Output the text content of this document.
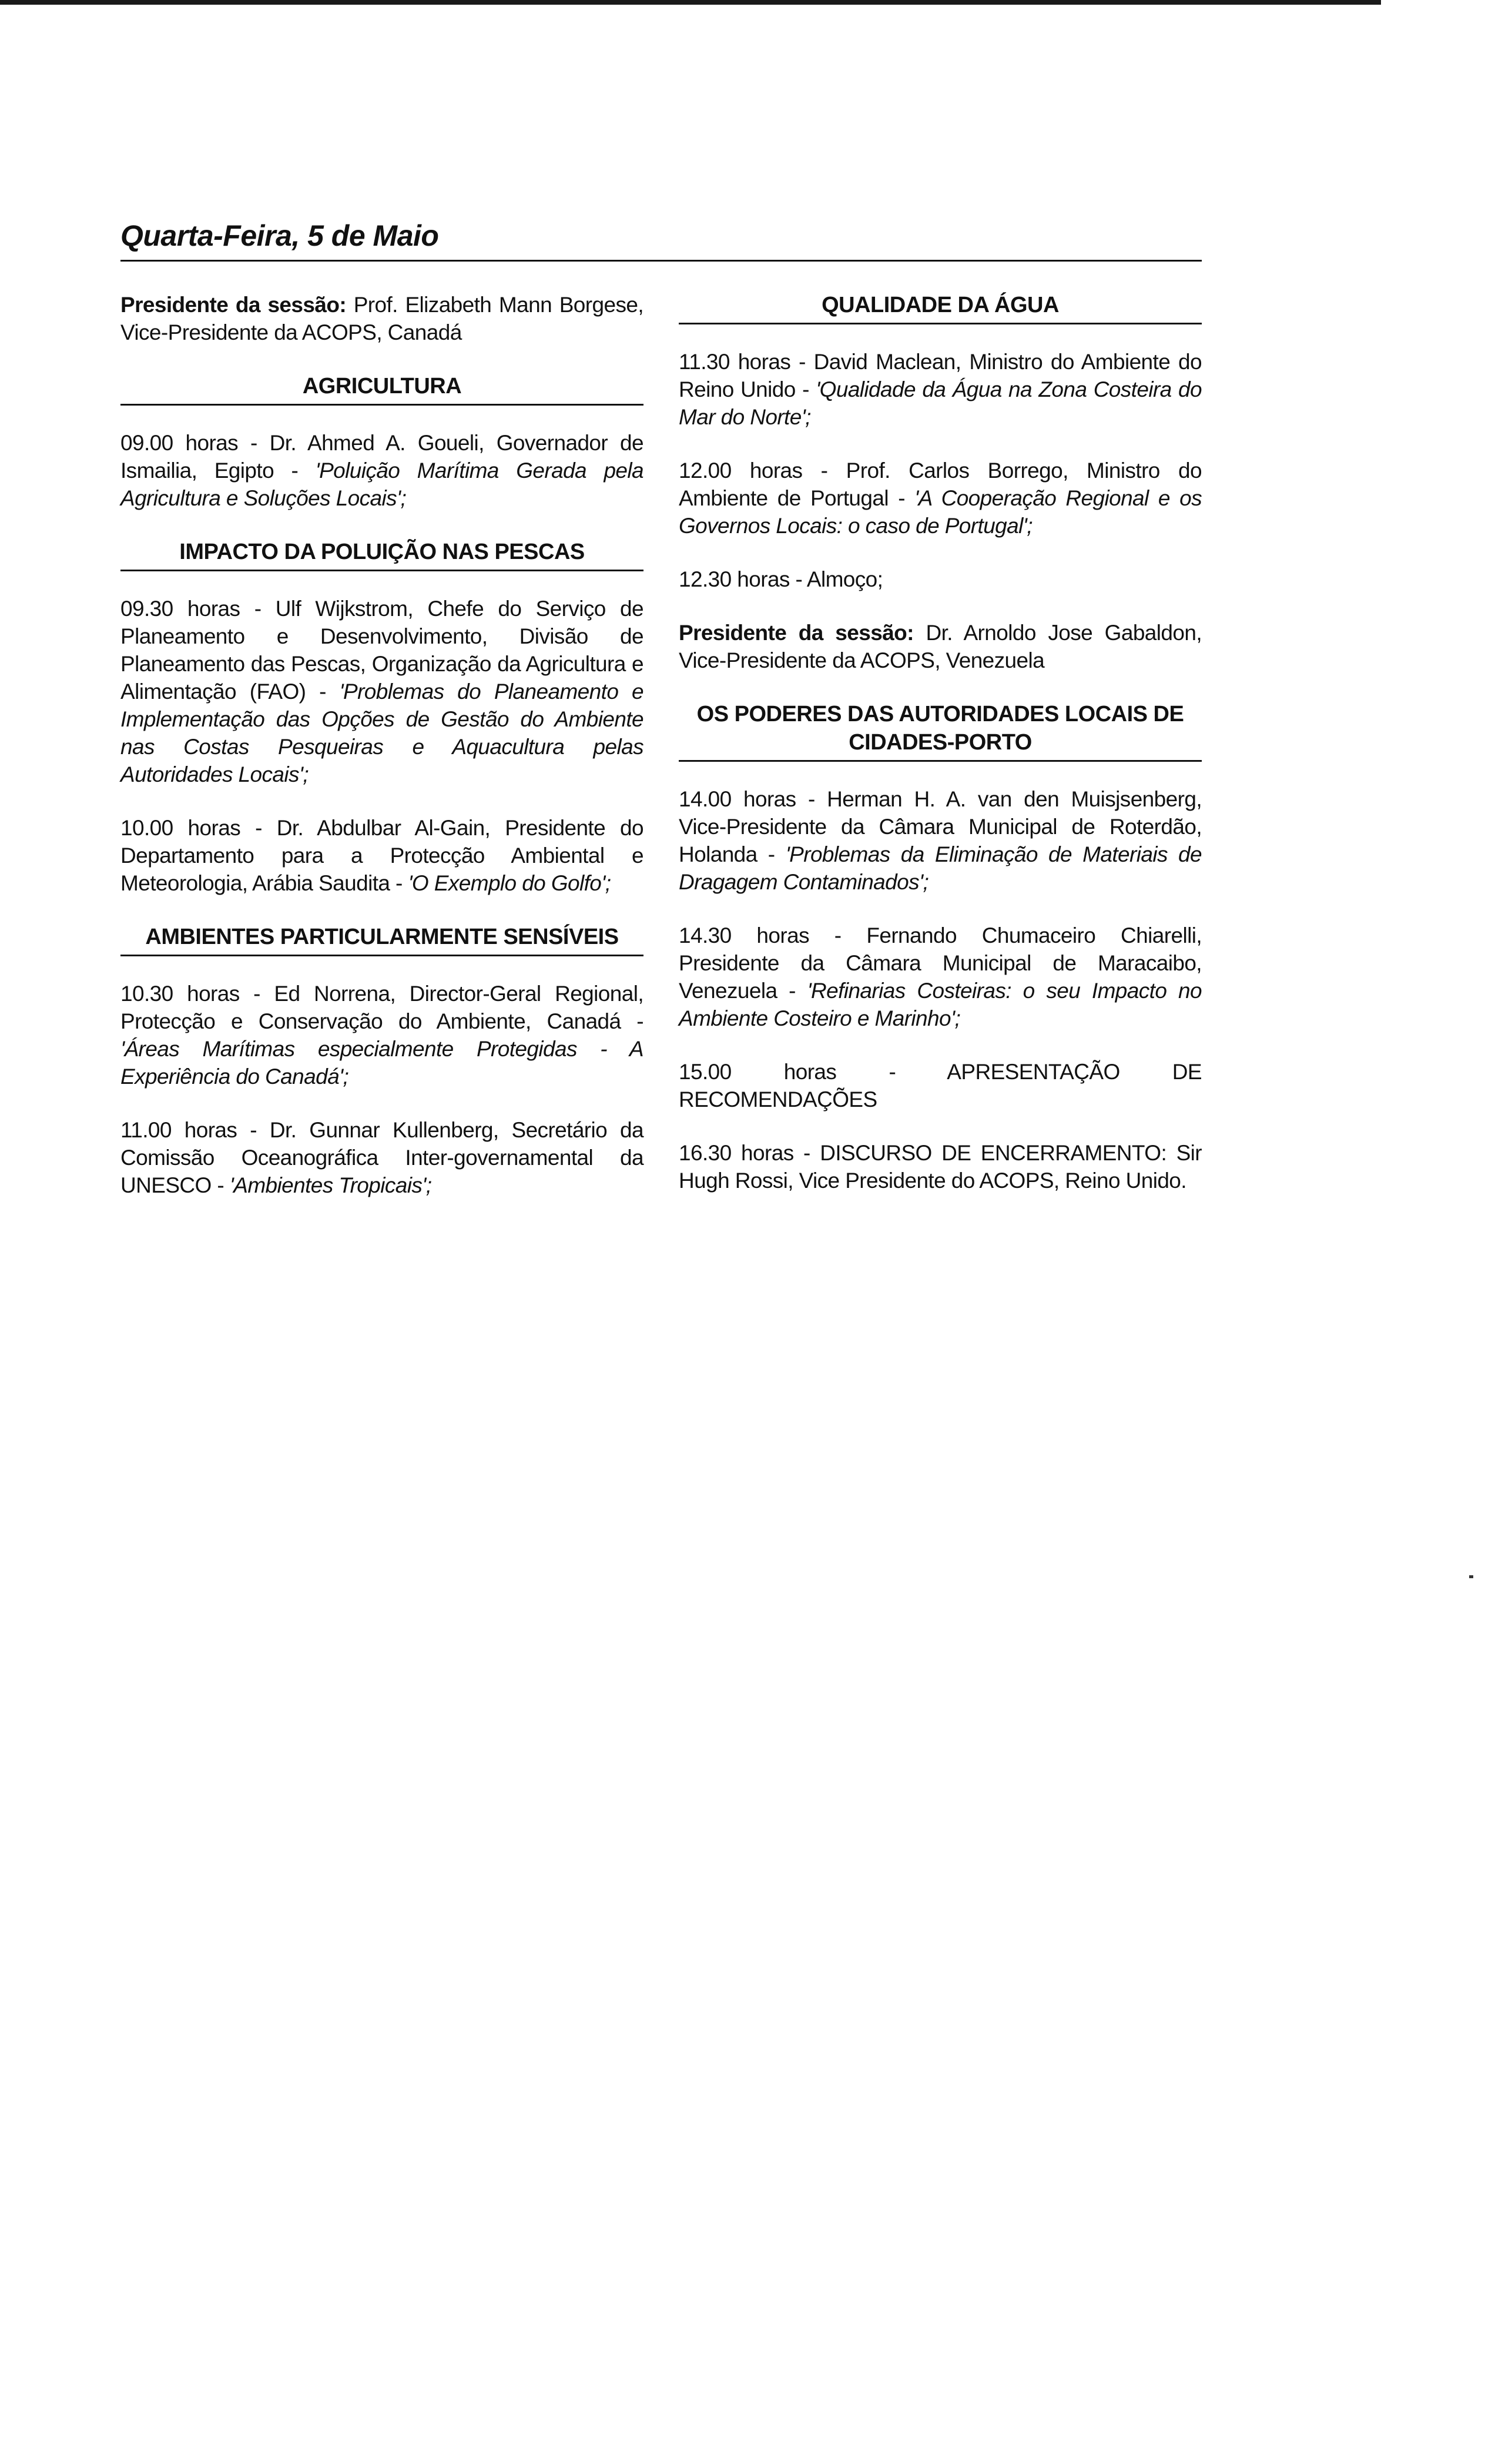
Quarta-Feira, 5 de Maio

Presidente da sessão: Prof. Elizabeth Mann Borgese, Vice-Presidente da ACOPS, Canadá

AGRICULTURA

09.00 horas - Dr. Ahmed A. Goueli, Governador de Ismailia, Egipto - 'Poluição Marítima Gerada pela Agricultura e Soluções Locais';

IMPACTO DA POLUIÇÃO NAS PESCAS

09.30 horas - Ulf Wijkstrom, Chefe do Serviço de Planeamento e Desenvolvimento, Divisão de Planeamento das Pescas, Organização da Agricultura e Alimentação (FAO) - 'Problemas do Planeamento e Implementação das Opções de Gestão do Ambiente nas Costas Pesqueiras e Aquacultura pelas Autoridades Locais';

10.00 horas - Dr. Abdulbar Al-Gain, Presidente do Departamento para a Protecção Ambiental e Meteorologia, Arábia Saudita - 'O Exemplo do Golfo';

AMBIENTES PARTICULARMENTE SENSÍVEIS

10.30 horas - Ed Norrena, Director-Geral Regional, Protecção e Conservação do Ambiente, Canadá - 'Áreas Marítimas especialmente Protegidas - A Experiência do Canadá';

11.00 horas - Dr. Gunnar Kullenberg, Secretário da Comissão Oceanográfica Inter-governamental da UNESCO - 'Ambientes Tropicais';

QUALIDADE DA ÁGUA

11.30 horas - David Maclean, Ministro do Ambiente do Reino Unido - 'Qualidade da Água na Zona Costeira do Mar do Norte';

12.00 horas - Prof. Carlos Borrego, Ministro do Ambiente de Portugal - 'A Cooperação Regional e os Governos Locais: o caso de Portugal';

12.30 horas - Almoço;

Presidente da sessão: Dr. Arnoldo Jose Gabaldon, Vice-Presidente da ACOPS, Venezuela

OS PODERES DAS AUTORIDADES LOCAIS DE CIDADES-PORTO

14.00 horas - Herman H. A. van den Muisjsenberg, Vice-Presidente da Câmara Municipal de Roterdão, Holanda - 'Problemas da Eliminação de Materiais de Dragagem Contaminados';

14.30 horas - Fernando Chumaceiro Chiarelli, Presidente da Câmara Municipal de Maracaibo, Venezuela - 'Refinarias Costeiras: o seu Impacto no Ambiente Costeiro e Marinho';

15.00 horas - APRESENTAÇÃO DE RECOMENDAÇÕES

16.30 horas - DISCURSO DE ENCERRAMENTO: Sir Hugh Rossi, Vice Presidente do ACOPS, Reino Unido.
